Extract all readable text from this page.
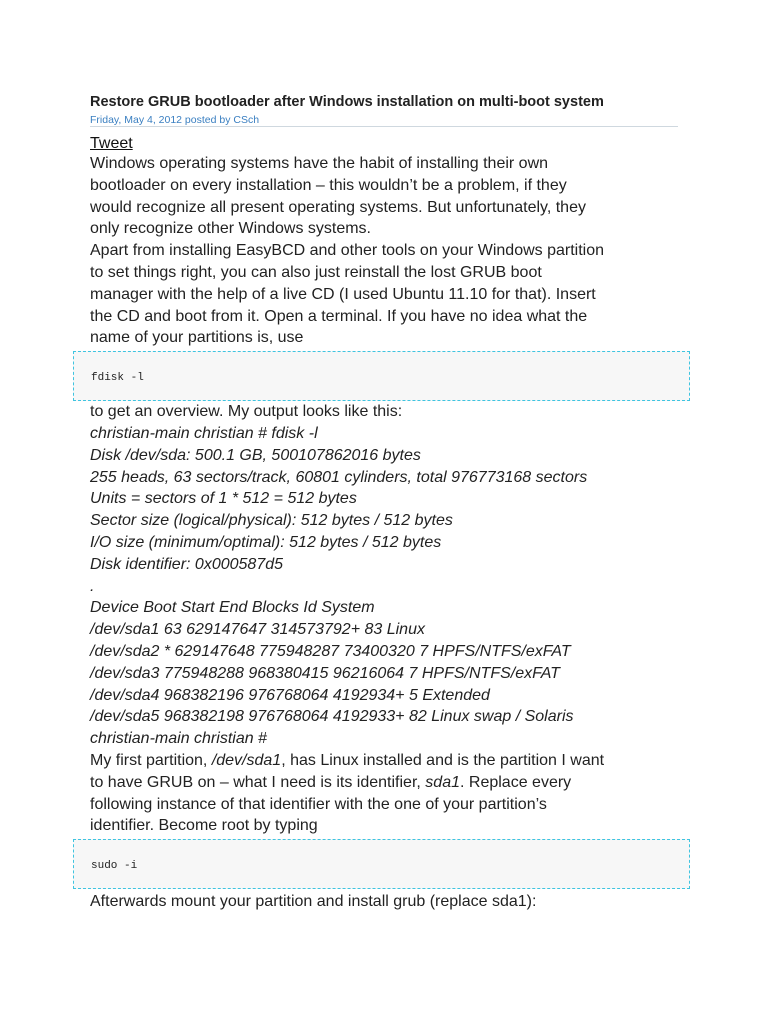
Restore GRUB bootloader after Windows installation on multi-boot system
Friday, May 4, 2012 posted by CSch
Tweet

Windows operating systems have the habit of installing their own

bootloader on every installation – this wouldn’t be a problem, if they

would recognize all present operating systems. But unfortunately, they

only recognize other Windows systems.

Apart from installing EasyBCD and other tools on your Windows partition

to set things right, you can also just reinstall the lost GRUB boot

manager with the help of a live CD (I used Ubuntu 11.10 for that). Insert

the CD and boot from it. Open a terminal. If you have no idea what the

name of your partitions is, use

fdisk -l

to get an overview. My output looks like this:

christian-main christian # fdisk -l

Disk /dev/sda: 500.1 GB, 500107862016 bytes

255 heads, 63 sectors/track, 60801 cylinders, total 976773168 sectors

Units = sectors of 1 * 512 = 512 bytes

Sector size (logical/physical): 512 bytes / 512 bytes

I/O size (minimum/optimal): 512 bytes / 512 bytes

Disk identifier: 0x000587d5

.

Device Boot Start End Blocks Id System

/dev/sda1 63 629147647 314573792+ 83 Linux

/dev/sda2 * 629147648 775948287 73400320 7 HPFS/NTFS/exFAT

/dev/sda3 775948288 968380415 96216064 7 HPFS/NTFS/exFAT

/dev/sda4 968382196 976768064 4192934+ 5 Extended

/dev/sda5 968382198 976768064 4192933+ 82 Linux swap / Solaris

christian-main christian #

My first partition, /dev/sda1, has Linux installed and is the partition I want

to have GRUB on – what I need is its identifier, sda1. Replace every

following instance of that identifier with the one of your partition’s

identifier. Become root by typing

sudo -i

Afterwards mount your partition and install grub (replace sda1):
